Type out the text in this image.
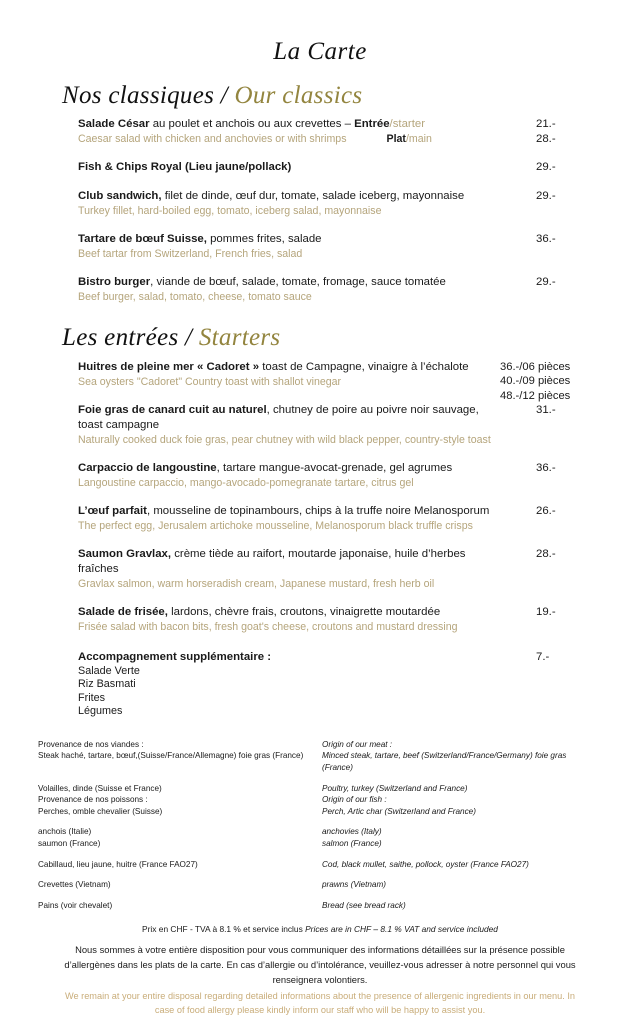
La Carte
Nos classiques / Our classics
Salade César au poulet et anchois ou aux crevettes – Entrée/starter
Caesar salad with chicken and anchovies or with shrimps	Plat/main
21.-
28.-
Fish & Chips Royal (Lieu jaune/pollack)	29.-
Club sandwich, filet de dinde, œuf dur, tomate, salade iceberg, mayonnaise
Turkey fillet, hard-boiled egg, tomato, iceberg salad, mayonnaise
29.-
Tartare de bœuf Suisse, pommes frites, salade
Beef tartar from Switzerland, French fries, salad
36.-
Bistro burger, viande de bœuf, salade, tomate, fromage, sauce tomatée
Beef burger, salad, tomato, cheese, tomato sauce
29.-
Les entrées / Starters
Huitres de pleine mer « Cadoret » toast de Campagne, vinaigre à l’échalote
Sea oysters "Cadoret" Country toast with shallot vinegar
36.-/06 pièces
40.-/09 pièces
48.-/12 pièces
Foie gras de canard cuit au naturel, chutney de poire au poivre noir sauvage, toast campagne
Naturally cooked duck foie gras, pear chutney with wild black pepper, country-style toast
31.-
Carpaccio de langoustine, tartare mangue-avocat-grenade, gel agrumes
Langoustine carpaccio, mango-avocado-pomegranate tartare, citrus gel
36.-
L’œuf parfait, mousseline de topinambours, chips à la truffe noire Melanosporum
The perfect egg, Jerusalem artichoke mousseline, Melanosporum black truffle crisps
26.-
Saumon Gravlax, crème tiède au raifort, moutarde japonaise, huile d’herbes fraîches
Gravlax salmon, warm horseradish cream, Japanese mustard, fresh herb oil
28.-
Salade de frisée, lardons, chèvre frais, croutons, vinaigrette moutardée
Frisée salad with bacon bits, fresh goat's cheese, croutons and mustard dressing
19.-
Accompagnement supplémentaire :
Salade Verte
Riz Basmati
Frites
Légumes
7.-
Provenance de nos viandes :
Steak haché, tartare, bœuf,(Suisse/France/Allemagne) foie gras (France)
Origin of our meat :
Minced steak, tartare, beef (Switzerland/France/Germany) foie gras (France)
Volailles, dinde (Suisse et France)
Provenance de nos poissons :
Perches, omble chevalier (Suisse)
Poultry, turkey (Switzerland and France)
Origin of our fish :
Perch, Artic char (Switzerland and France)
anchois (Italie)
saumon (France)
anchovies (Italy)
salmon (France)
Cabillaud, lieu jaune, huitre (France FAO27)	Cod, black mullet, saithe, pollock, oyster (France FAO27)
Crevettes (Vietnam)	prawns (Vietnam)
Pains (voir chevalet)	Bread (see bread rack)
Prix en CHF - TVA à 8.1 % et service inclus Prices are in CHF – 8.1 % VAT and service included
Nous sommes à votre entière disposition pour vous communiquer des informations détaillées sur la présence possible d’allergènes dans les plats de la carte. En cas d’allergie ou d’intolérance, veuillez-vous adresser à notre personnel qui vous renseignera volontiers.
We remain at your entire disposal regarding detailed informations about the presence of allergenic ingredients in our menu. In case of food allergy please kindly inform our staff who will be happy to assist you.
